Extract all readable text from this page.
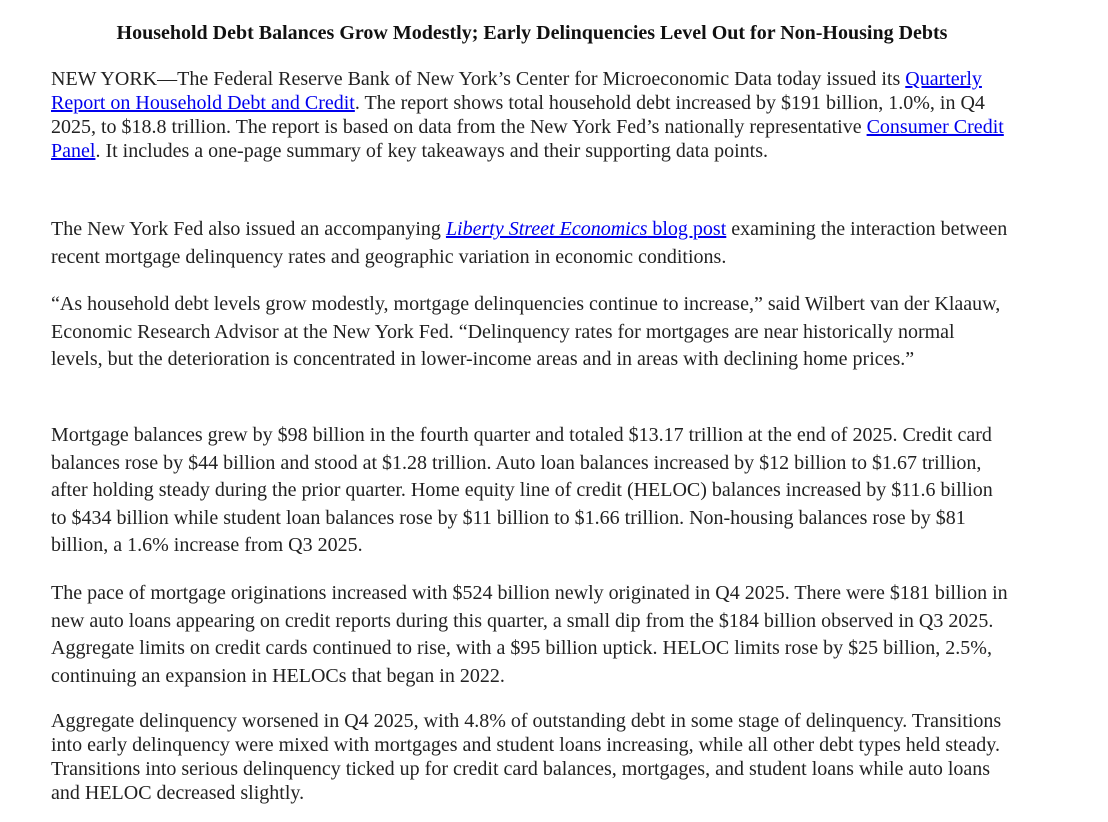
Household Debt Balances Grow Modestly; Early Delinquencies Level Out for Non-Housing Debts

NEW YORK—The Federal Reserve Bank of New York’s Center for Microeconomic Data today issued its Quarterly Report on Household Debt and Credit. The report shows total household debt increased by $191 billion, 1.0%, in Q4 2025, to $18.8 trillion. The report is based on data from the New York Fed’s nationally representative Consumer Credit Panel. It includes a one-page summary of key takeaways and their supporting data points.

The New York Fed also issued an accompanying Liberty Street Economics blog post examining the interaction between recent mortgage delinquency rates and geographic variation in economic conditions.

“As household debt levels grow modestly, mortgage delinquencies continue to increase,” said Wilbert van der Klaauw, Economic Research Advisor at the New York Fed. “Delinquency rates for mortgages are near historically normal levels, but the deterioration is concentrated in lower-income areas and in areas with declining home prices.”

Mortgage balances grew by $98 billion in the fourth quarter and totaled $13.17 trillion at the end of 2025. Credit card balances rose by $44 billion and stood at $1.28 trillion. Auto loan balances increased by $12 billion to $1.67 trillion, after holding steady during the prior quarter. Home equity line of credit (HELOC) balances increased by $11.6 billion to $434 billion while student loan balances rose by $11 billion to $1.66 trillion. Non-housing balances rose by $81 billion, a 1.6% increase from Q3 2025.

The pace of mortgage originations increased with $524 billion newly originated in Q4 2025. There were $181 billion in new auto loans appearing on credit reports during this quarter, a small dip from the $184 billion observed in Q3 2025. Aggregate limits on credit cards continued to rise, with a $95 billion uptick. HELOC limits rose by $25 billion, 2.5%, continuing an expansion in HELOCs that began in 2022.

Aggregate delinquency worsened in Q4 2025, with 4.8% of outstanding debt in some stage of delinquency. Transitions into early delinquency were mixed with mortgages and student loans increasing, while all other debt types held steady. Transitions into serious delinquency ticked up for credit card balances, mortgages, and student loans while auto loans and HELOC decreased slightly.
